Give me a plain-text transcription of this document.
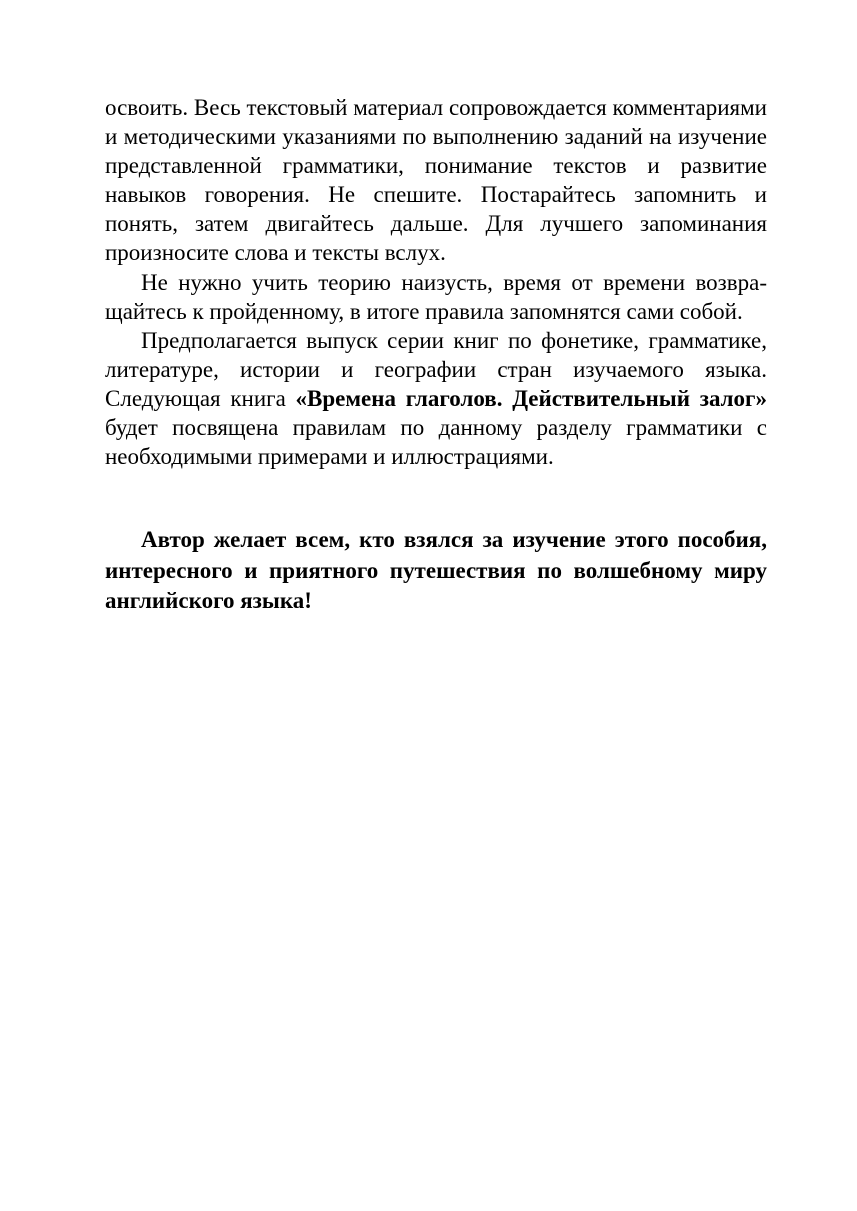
освоить. Весь текстовый материал сопровождается комментариями и методическими указаниями по выполнению заданий на изучение представленной грамматики, понимание текстов и развитие навыков говорения. Не спешите. Постарайтесь запомнить и понять, затем двигайтесь дальше. Для лучшего запоминания произносите слова и тексты вслух.

Не нужно учить теорию наизусть, время от времени возвращайтесь к пройденному, в итоге правила запомнятся сами собой.

Предполагается выпуск серии книг по фонетике, грамматике, литературе, истории и географии стран изучаемого языка. Следующая книга «Времена глаголов. Действительный залог» будет посвящена правилам по данному разделу граммaтики с необходимыми примерами и иллюстрациями.

Автор желает всем, кто взялся за изучение этого пособия, интересного и приятного путешествия по волшебному миру английского языка!
